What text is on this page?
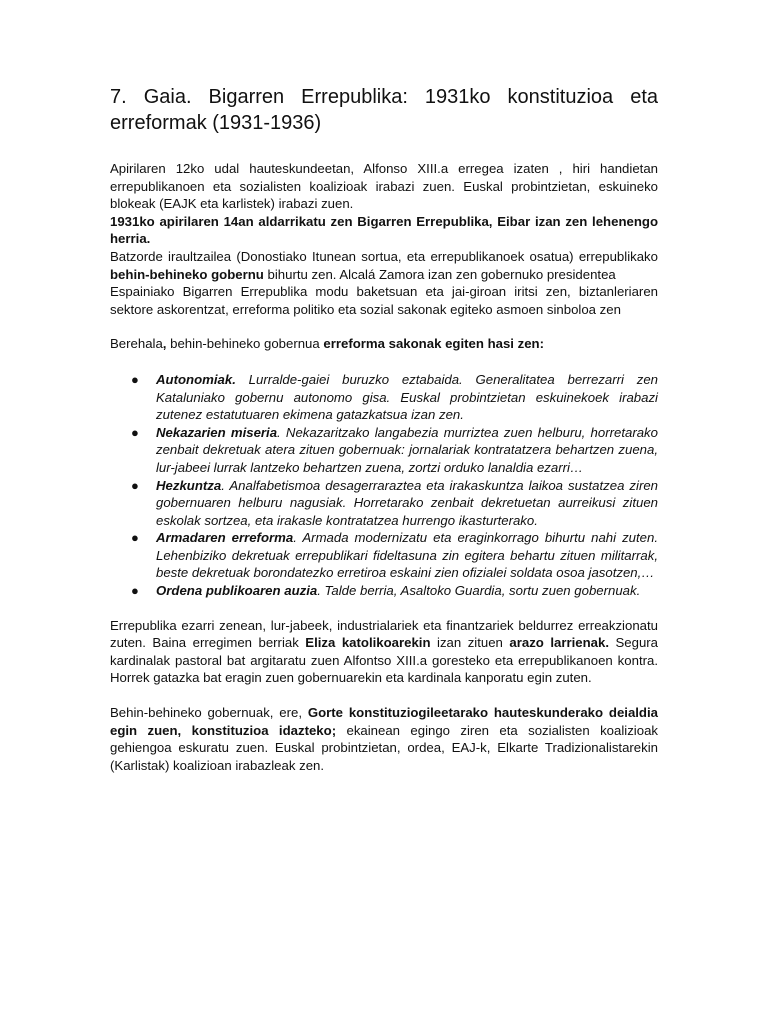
7. Gaia. Bigarren Errepublika: 1931ko konstituzioa eta
erreformak (1931-1936)

Apirilaren 12ko udal hauteskundeetan, Alfonso XIII.a erregea izaten , hiri handietan errepublikanoen eta sozialisten koalizioak irabazi zuen. Euskal probintzietan, eskuineko blokeak (EAJK eta karlistek) irabazi zuen.

1931ko apirilaren 14an aldarrikatu zen Bigarren Errepublika, Eibar izan zen lehenengo herria.

Batzorde iraultzailea (Donostiako Itunean sortua, eta errepublikanoek osatua) errepublikako behin-behineko gobernu bihurtu zen. Alcalá Zamora izan zen gobernuko presidentea

Espainiako Bigarren Errepublika modu baketsuan eta jai-giroan iritsi zen, biztanleriaren sektore askorentzat, erreforma politiko eta sozial sakonak egiteko asmoen sinboloa zen

Berehala, behin-behineko gobernua erreforma sakonak egiten hasi zen:

● Autonomiak. Lurralde-gaiei buruzko eztabaida. Generalitatea berrezarri zen Kataluniako gobernu autonomo gisa. Euskal probintzietan eskuinekoek irabazi zutenez estatutuaren ekimena gatazkatsua izan zen.
● Nekazarien miseria. Nekazaritzako langabezia murriztea zuen helburu, horretarako zenbait dekretuak atera zituen gobernuak: jornalariak kontratatzera behartzen zuena, lur-jabeei lurrak lantzeko behartzen zuena, zortzi orduko lanaldia ezarri…
● Hezkuntza. Analfabetismoa desagerraraztea eta irakaskuntza laikoa sustatzea ziren gobernuaren helburu nagusiak. Horretarako zenbait dekretuetan aurreikusi zituen eskolak sortzea, eta irakasle kontratatzea hurrengo ikasturterako.
● Armadaren erreforma. Armada modernizatu eta eraginkorrago bihurtu nahi zuten. Lehenbiziko dekretuak errepublikari fideltasuna zin egitera behartu zituen militarrak, beste dekretuak borondatezko erretiroa eskaini zien ofizialei soldata osoa jasotzen,…
● Ordena publikoaren auzia. Talde berria, Asaltoko Guardia, sortu zuen gobernuak.

Errepublika ezarri zenean, lur-jabeek, industrialariek eta finantzariek beldurrez erreakzionatu zuten. Baina erregimen berriak Eliza katolikoarekin izan zituen arazo larrienak. Segura kardinalak pastoral bat argitaratu zuen Alfontso XIII.a goresteko eta errepublikanoen kontra. Horrek gatazka bat eragin zuen gobernuarekin eta kardinala kanporatu egin zuten.

Behin-behineko gobernuak, ere, Gorte konstituziogileetarako hauteskunderako deialdia egin zuen, konstituzioa idazteko; ekainean egingo ziren eta sozialisten koalizioak gehiengoa eskuratu zuen. Euskal probintzietan, ordea, EAJ-k, Elkarte Tradizionalistarekin (Karlistak) koalizioan irabazleak zen.
